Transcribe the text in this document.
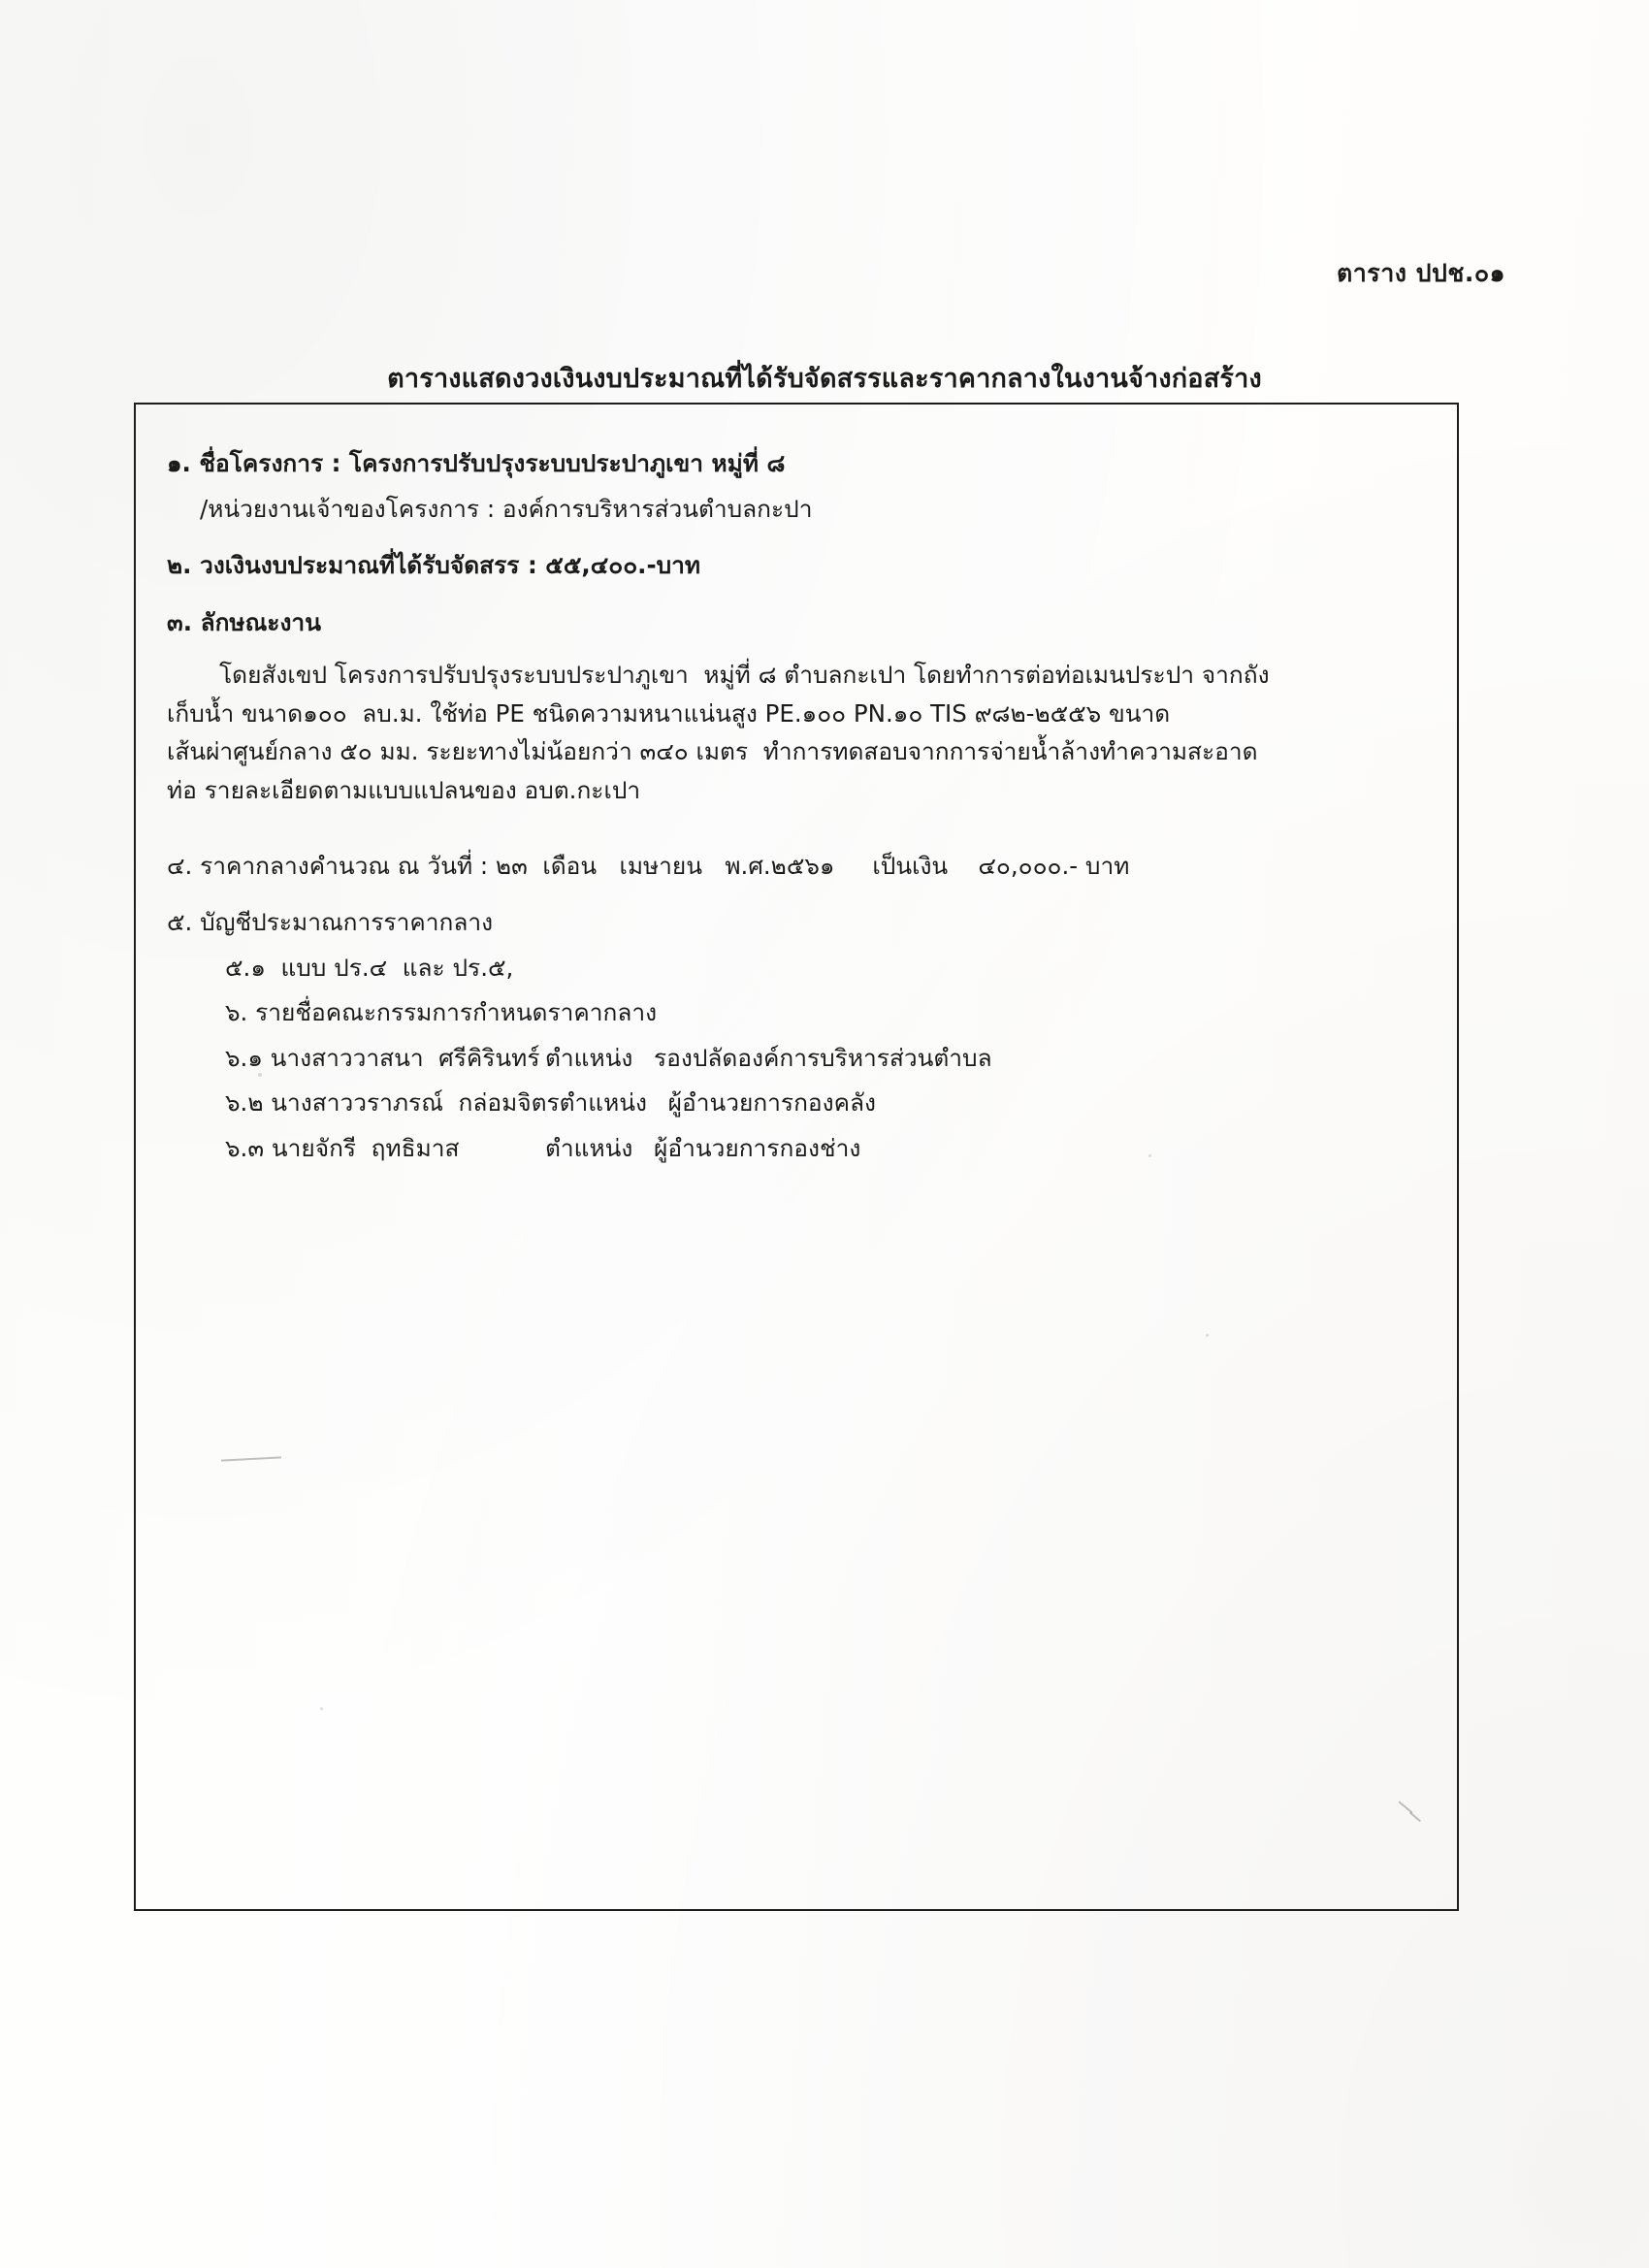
ตาราง ปปช.๐๑
ตารางแสดงวงเงินงบประมาณที่ได้รับจัดสรรและราคากลางในงานจ้างก่อสร้าง
๑. ชื่อโครงการ : โครงการปรับปรุงระบบประปาภูเขา หมู่ที่ ๘
/หน่วยงานเจ้าของโครงการ : องค์การบริหารส่วนตำบลกะปา
๒. วงเงินงบประมาณที่ได้รับจัดสรร : ๕๕,๔๐๐.-บาท
๓. ลักษณะงาน
โดยสังเขป โครงการปรับปรุงระบบประปาภูเขา  หมู่ที่ ๘ ตำบลกะเปา โดยทำการต่อท่อเมนประปา จากถัง
เก็บน้ำ ขนาด๑๐๐  ลบ.ม. ใช้ท่อ PE ชนิดความหนาแน่นสูง PE.๑๐๐ PN.๑๐ TIS ๙๘๒-๒๕๕๖ ขนาด
เส้นผ่าศูนย์กลาง ๕๐ มม. ระยะทางไม่น้อยกว่า ๓๔๐ เมตร  ทำการทดสอบจากการจ่ายน้ำล้างทำความสะอาด
ท่อ รายละเอียดตามแบบแปลนของ อบต.กะเปา
๔. ราคากลางคำนวณ ณ วันที่ : ๒๓  เดือน   เมษายน   พ.ศ.๒๕๖๑     เป็นเงิน    ๔๐,๐๐๐.- บาท
๕. บัญชีประมาณการราคากลาง
๕.๑  แบบ ปร.๔  และ ปร.๕,
๖. รายชื่อคณะกรรมการกำหนดราคากลาง
๖.๑ นางสาววาสนา  ศรีคิรินทร์ ตำแหน่ง รองปลัดองค์การบริหารส่วนตำบล
๖.๒ นางสาววราภรณ์  กล่อมจิตร ตำแหน่ง ผู้อำนวยการกองคลัง
๖.๓ นายจักรี  ฤทธิมาส	ตำแหน่ง ผู้อำนวยการกองช่าง
